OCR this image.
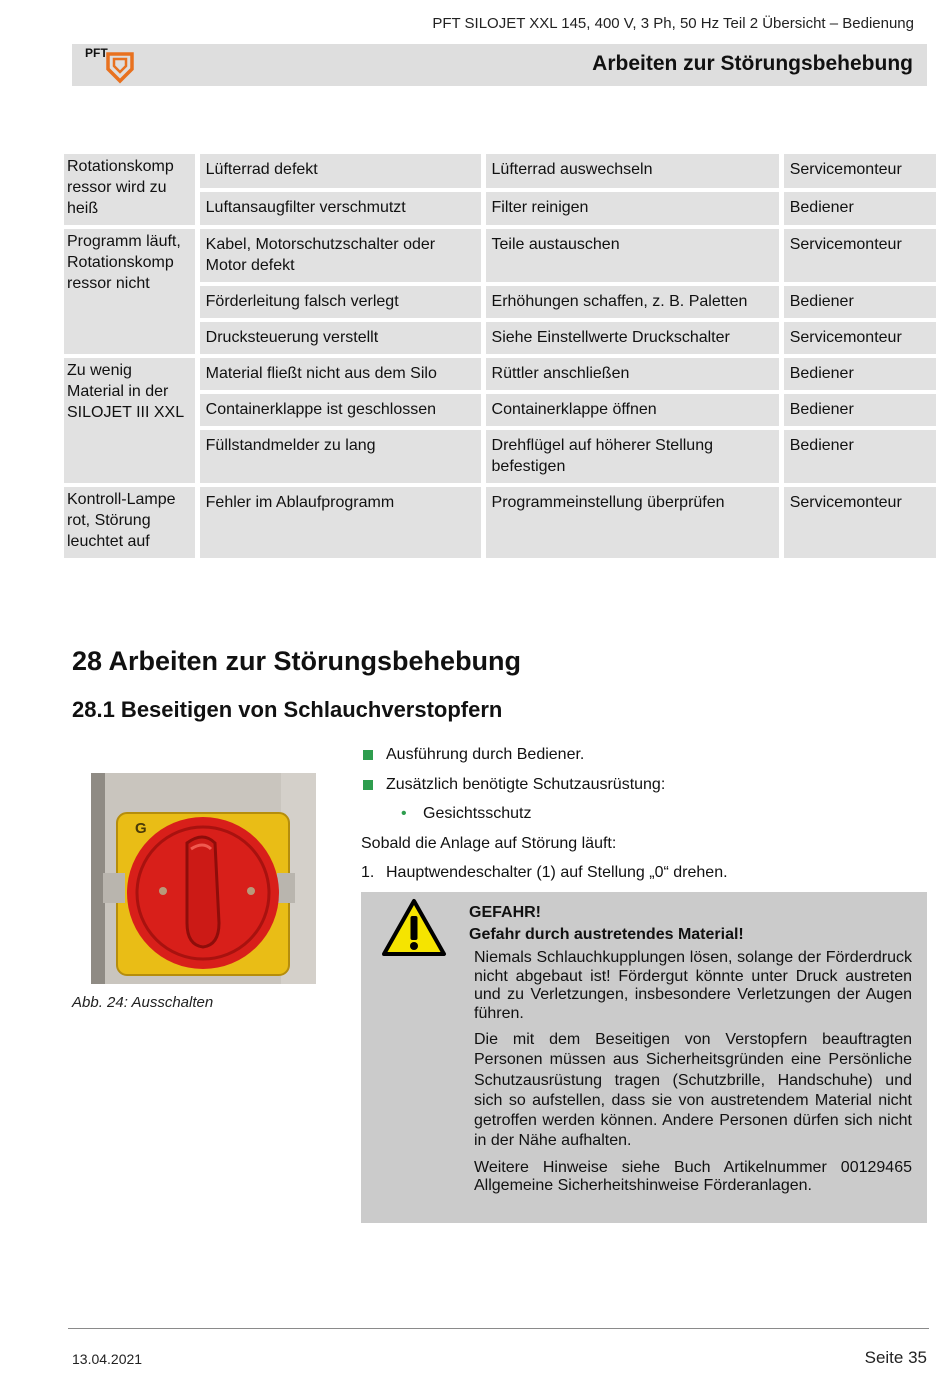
PFT SILOJET XXL 145, 400 V, 3 Ph, 50 Hz Teil 2 Übersicht – Bedienung
PFT	Arbeiten zur Störungsbehebung
Rotationskomp ressor wird zu heiß	Lüfterrad defekt	Lüfterrad auswechseln	Servicemonteur
	Luftansaugfilter verschmutzt	Filter reinigen	Bediener
Programm läuft, Rotationskomp ressor nicht	Kabel, Motorschutzschalter oder Motor defekt	Teile austauschen	Servicemonteur
	Förderleitung falsch verlegt	Erhöhungen schaffen, z. B. Paletten	Bediener
	Drucksteuerung verstellt	Siehe Einstellwerte Druckschalter	Servicemonteur
Zu wenig Material in der SILOJET III XXL	Material fließt nicht aus dem Silo	Rüttler anschließen	Bediener
	Containerklappe ist geschlossen	Containerklappe öffnen	Bediener
	Füllstandmelder zu lang	Drehflügel auf höherer Stellung befestigen	Bediener
Kontroll-Lampe rot, Störung leuchtet auf	Fehler im Ablaufprogramm	Programmeinstellung überprüfen	Servicemonteur
28 Arbeiten zur Störungsbehebung
28.1 Beseitigen von Schlauchverstopfern
G
Abb. 24: Ausschalten
Ausführung durch Bediener.
Zusätzlich benötigte Schutzausrüstung:
• Gesichtsschutz
Sobald die Anlage auf Störung läuft:
1. Hauptwendeschalter (1) auf Stellung „0“ drehen.
GEFAHR!
Gefahr durch austretendes Material!

Niemals Schlauchkupplungen lösen, solange der Förderdruck nicht abgebaut ist! Fördergut könnte unter Druck austreten und zu Verletzungen, insbesondere Verletzungen der Augen führen.

Die mit dem Beseitigen von Verstopfern beauftragten Personen müssen aus Sicherheitsgründen eine Persönliche Schutzausrüstung tragen (Schutzbrille, Handschuhe) und sich so aufstellen, dass sie von austretendem Material nicht getroffen werden können. Andere Personen dürfen sich nicht in der Nähe aufhalten.

Weitere Hinweise siehe Buch Artikelnummer 00129465 Allgemeine Sicherheitshinweise Förderanlagen.

13.04.2021	Seite 35
